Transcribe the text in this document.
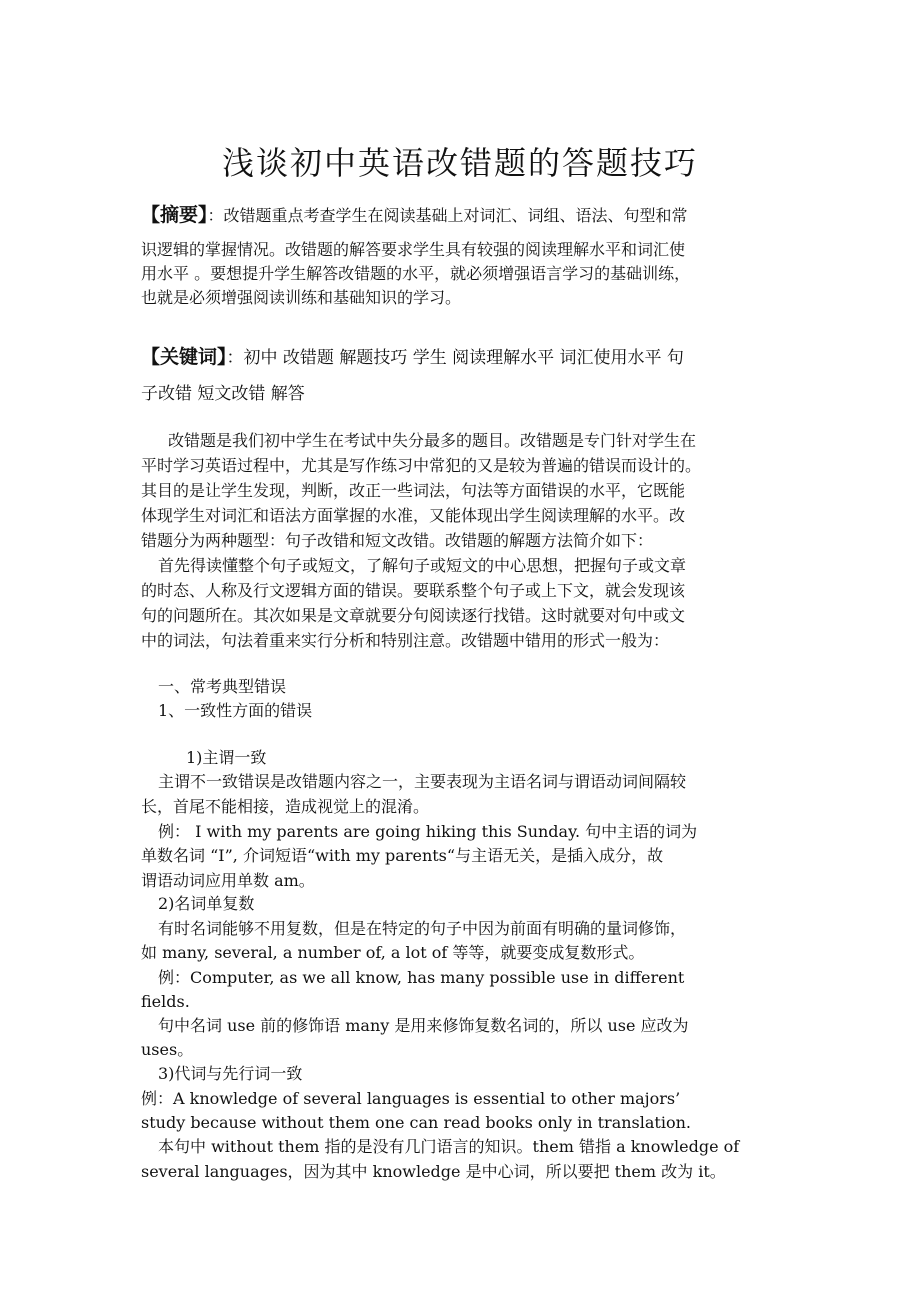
浅谈初中英语改错题的答题技巧
【摘要】：改错题重点考查学生在阅读基础上对词汇、词组、语法、句型和常
识逻辑的掌握情况。改错题的解答要求学生具有较强的阅读理解水平和词汇使
用水平 。要想提升学生解答改错题的水平，就必须增强语言学习的基础训练，
也就是必须增强阅读训练和基础知识的学习。
【关键词】：初中 改错题 解题技巧 学生 阅读理解水平 词汇使用水平 句
子改错 短文改错 解答
改错题是我们初中学生在考试中失分最多的题目。改错题是专门针对学生在
平时学习英语过程中，尤其是写作练习中常犯的又是较为普遍的错误而设计的。
其目的是让学生发现，判断，改正一些词法，句法等方面错误的水平，它既能
体现学生对词汇和语法方面掌握的水准，又能体现出学生阅读理解的水平。改
错题分为两种题型：句子改错和短文改错。改错题的解题方法简介如下：
首先得读懂整个句子或短文，了解句子或短文的中心思想，把握句子或文章
的时态、人称及行文逻辑方面的错误。要联系整个句子或上下文，就会发现该
句的问题所在。其次如果是文章就要分句阅读逐行找错。这时就要对句中或文
中的词法，句法着重来实行分析和特别注意。改错题中错用的形式一般为：
一、常考典型错误
1、一致性方面的错误
1)主谓一致
主谓不一致错误是改错题内容之一，主要表现为主语名词与谓语动词间隔较
长，首尾不能相接，造成视觉上的混淆。
例： I with my parents are going hiking this Sunday. 句中主语的词为
单数名词 “I”, 介词短语“with my parents“与主语无关，是插入成分，故
谓语动词应用单数 am。
2)名词单复数
有时名词能够不用复数，但是在特定的句子中因为前面有明确的量词修饰，
如 many, several, a number of, a lot of 等等，就要变成复数形式。
例：Computer, as we all know, has many possible use in different
fields.
句中名词 use 前的修饰语 many 是用来修饰复数名词的，所以 use 应改为
uses。
3)代词与先行词一致
例：A knowledge of several languages is essential to other majors’
study because without them one can read books only in translation.
本句中 without them 指的是没有几门语言的知识。them 错指 a knowledge of
several languages，因为其中 knowledge 是中心词，所以要把 them 改为 it。
